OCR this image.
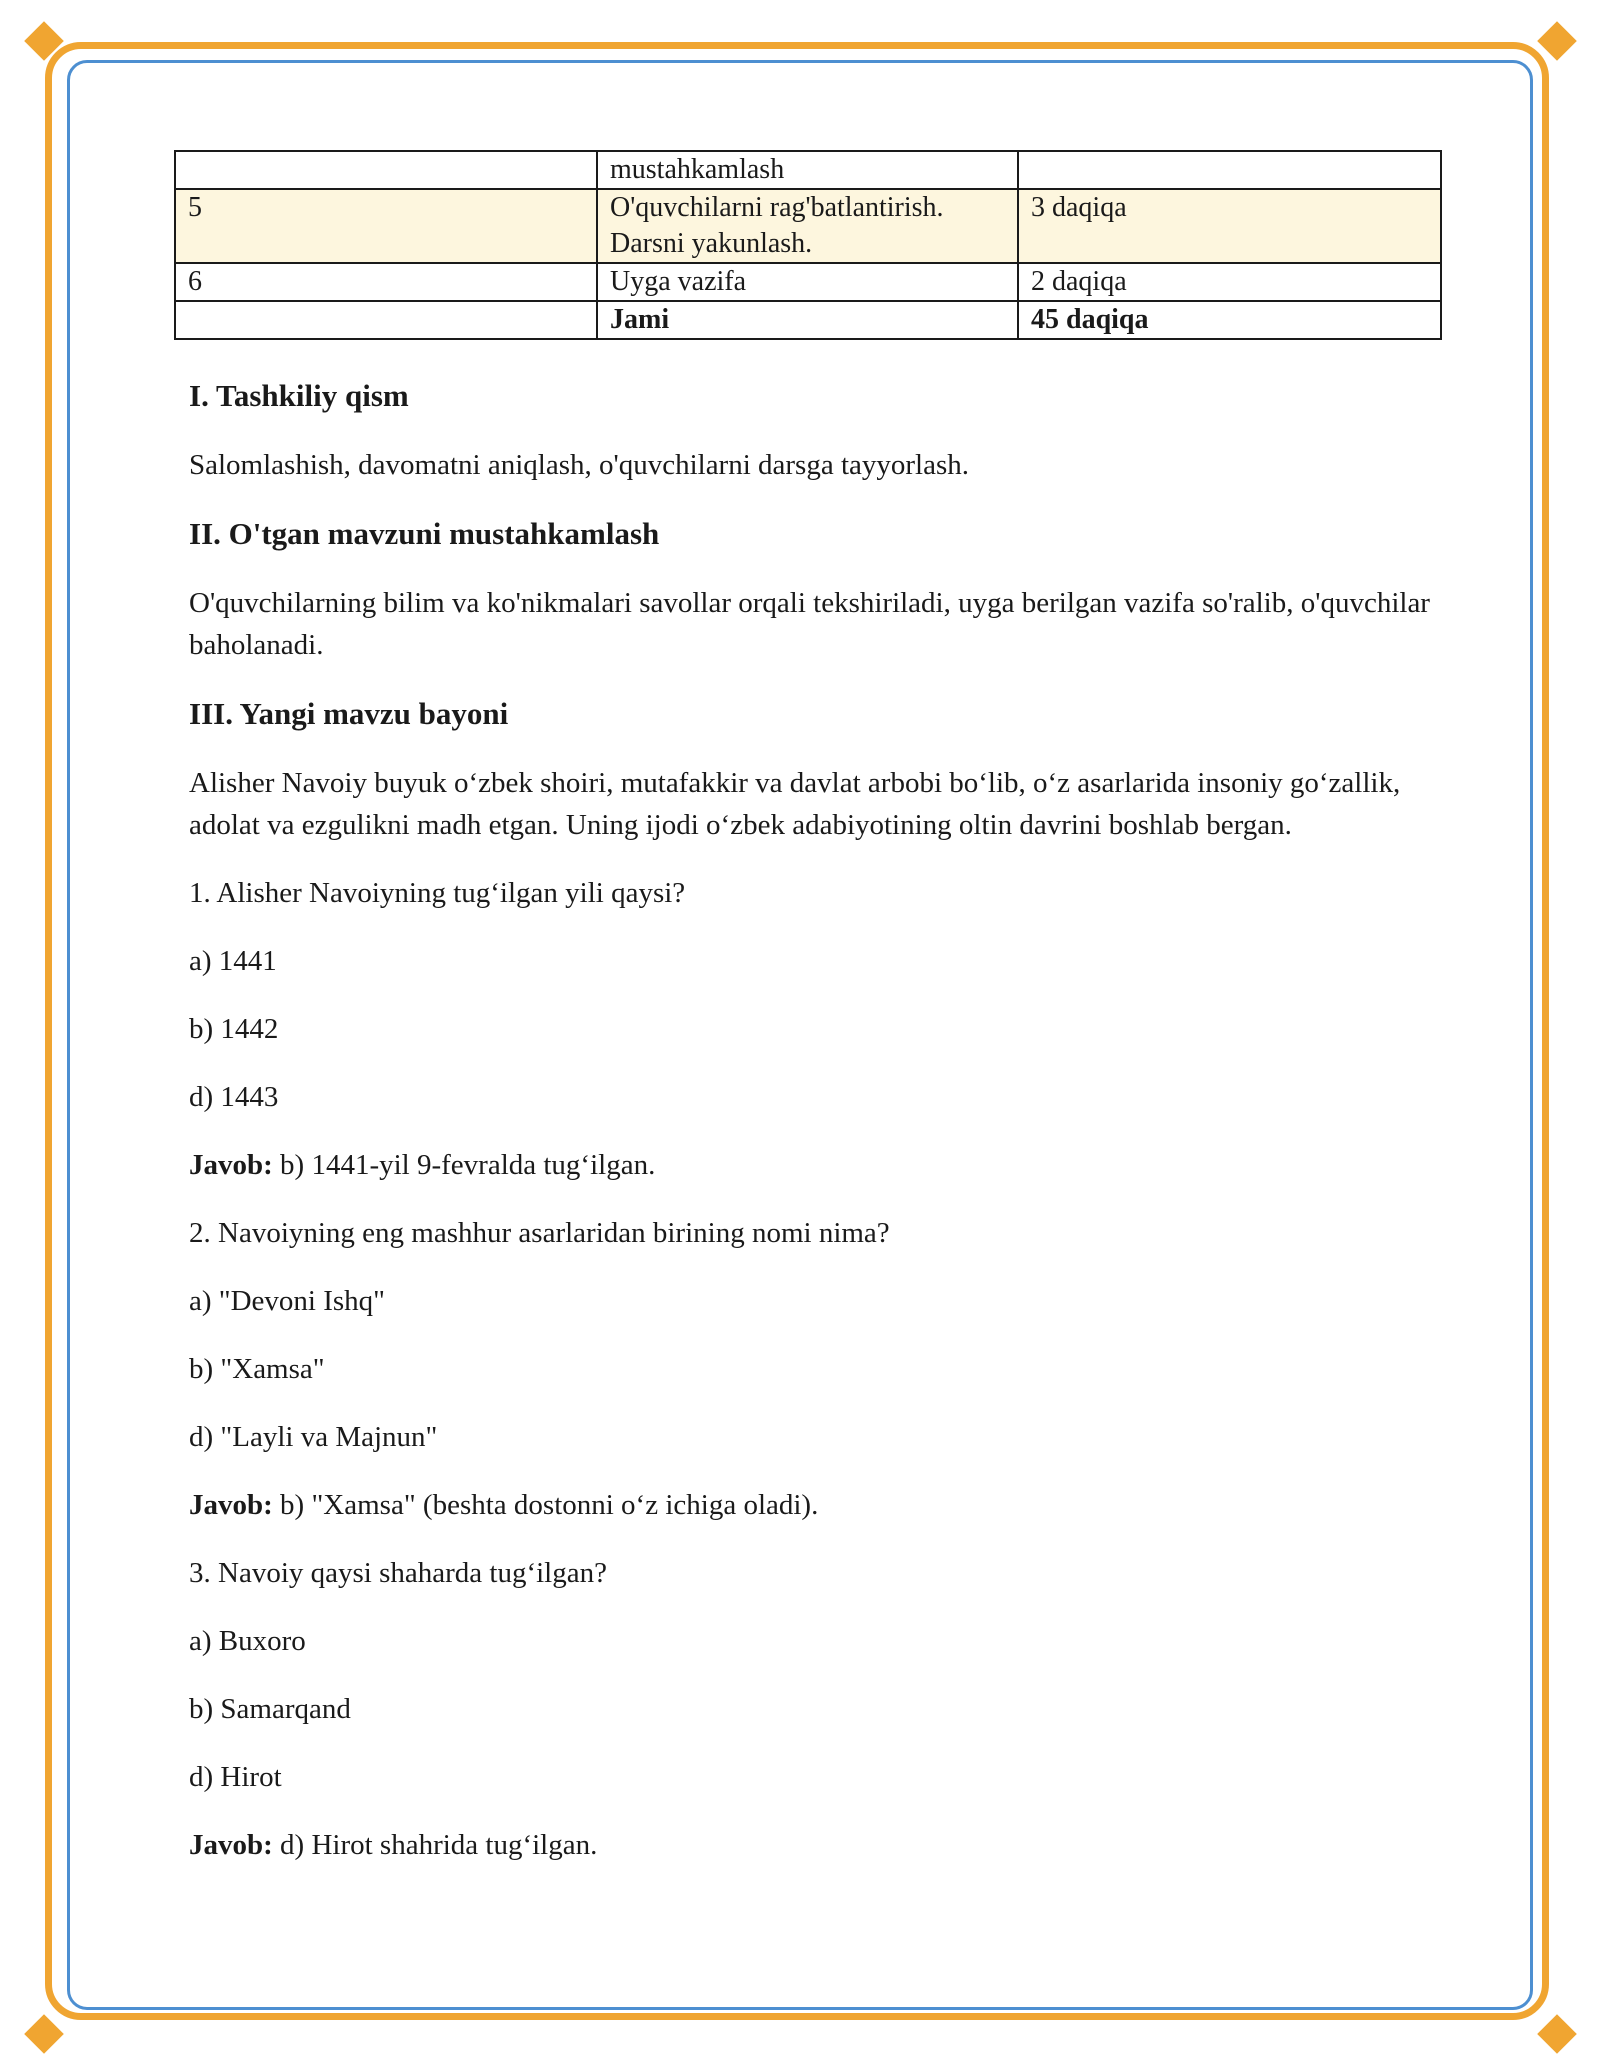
	mustahkamlash	
5	O'quvchilarni rag'batlantirish. Darsni yakunlash.	3 daqiqa
6	Uyga vazifa	2 daqiqa
	Jami	45 daqiqa
I. Tashkiliy qism

Salomlashish, davomatni aniqlash, o'quvchilarni darsga tayyorlash.

II. O'tgan mavzuni mustahkamlash

O'quvchilarning bilim va ko'nikmalari savollar orqali tekshiriladi, uyga berilgan vazifa so'ralib, o'quvchilar baholanadi.

III. Yangi mavzu bayoni

Alisher Navoiy buyuk o‘zbek shoiri, mutafakkir va davlat arbobi bo‘lib, o‘z asarlarida insoniy go‘zallik, adolat va ezgulikni madh etgan. Uning ijodi o‘zbek adabiyotining oltin davrini boshlab bergan.

1. Alisher Navoiyning tug‘ilgan yili qaysi?

a) 1441

b) 1442

d) 1443

Javob: b) 1441-yil 9-fevralda tug‘ilgan.

2. Navoiyning eng mashhur asarlaridan birining nomi nima?

a) "Devoni Ishq"

b) "Xamsa"

d) "Layli va Majnun"

Javob: b) "Xamsa" (beshta dostonni o‘z ichiga oladi).

3. Navoiy qaysi shaharda tug‘ilgan?

a) Buxoro

b) Samarqand

d) Hirot

Javob: d) Hirot shahrida tug‘ilgan.
